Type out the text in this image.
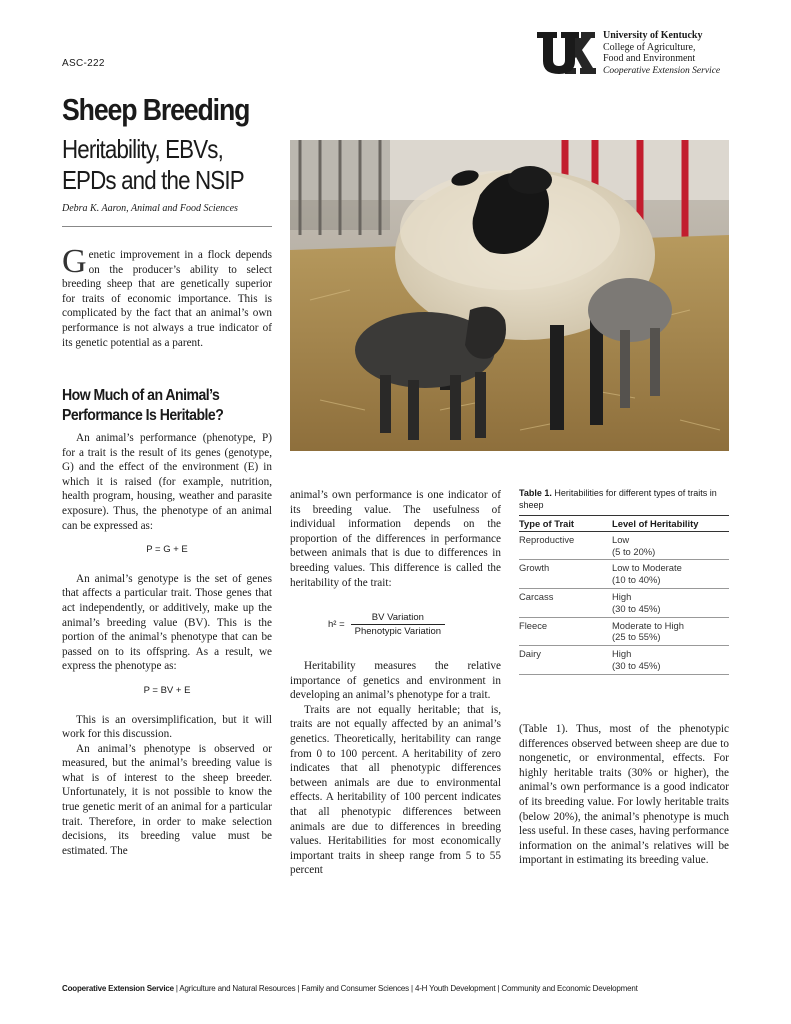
ASC-222
University of Kentucky
College of Agriculture,
Food and Environment
Cooperative Extension Service
Sheep Breeding
Heritability, EBVs,
EPDs and the NSIP
Debra K. Aaron, Animal and Food Sciences
Genetic improvement in a flock depends on the producer’s ability to select breeding sheep that are genetically superior for traits of economic importance. This is complicated by the fact that an animal’s own performance is not always a true indicator of its genetic potential as a parent.
How Much of an Animal’s Performance Is Heritable?

An animal’s performance (phenotype, P) for a trait is the result of its genes (genotype, G) and the effect of the environment (E) in which it is raised (for example, nutrition, health program, housing, weather and parasite exposure). Thus, the phenotype of an animal can be expressed as:

P = G + E

An animal’s genotype is the set of genes that affects a particular trait. Those genes that act independently, or additively, make up the animal’s breeding value (BV). This is the portion of the animal’s phenotype that can be passed on to its offspring. As a result, we express the phenotype as:

P = BV + E

This is an oversimplification, but it will work for this discussion.

An animal’s phenotype is observed or measured, but the animal’s breeding value is what is of interest to the sheep breeder. Unfortunately, it is not possible to know the true genetic merit of an animal for a particular trait. Therefore, in order to make selection decisions, its breeding value must be estimated. The

animal’s own performance is one indicator of its breeding value. The usefulness of individual information depends on the proportion of the differences in performance between animals that is due to differences in breeding values. This difference is called the heritability of the trait:

h² =
BV Variation
Phenotypic Variation

Heritability measures the relative importance of genetics and environment in developing an animal’s phenotype for a trait.

Traits are not equally heritable; that is, traits are not equally affected by an animal’s genetics. Theoretically, heritability can range from 0 to 100 percent. A heritability of zero indicates that all phenotypic differences between animals are due to environmental effects. A heritability of 100 percent indicates that all phenotypic differences between animals are due to differences in breeding values. Heritabilities for most economically important traits in sheep range from 5 to 55 percent

Table 1. Heritabilities for different types of traits in sheep
Type of Trait	Level of Heritability
Reproductive	Low
(5 to 20%)

Growth	Low to Moderate
(10 to 40%)

Carcass	High
(30 to 45%)

Fleece	Moderate to High
(25 to 55%)

Dairy	High
(30 to 45%)

(Table 1). Thus, most of the phenotypic differences observed between sheep are due to nongenetic, or environmental, effects. For highly heritable traits (30% or higher), the animal’s own performance is a good indicator of its breeding value. For lowly heritable traits (below 20%), the animal’s phenotype is much less useful. In these cases, having performance information on the animal’s relatives will be important in estimating its breeding value.

Cooperative Extension Service | Agriculture and Natural Resources | Family and Consumer Sciences | 4-H Youth Development | Community and Economic Development
